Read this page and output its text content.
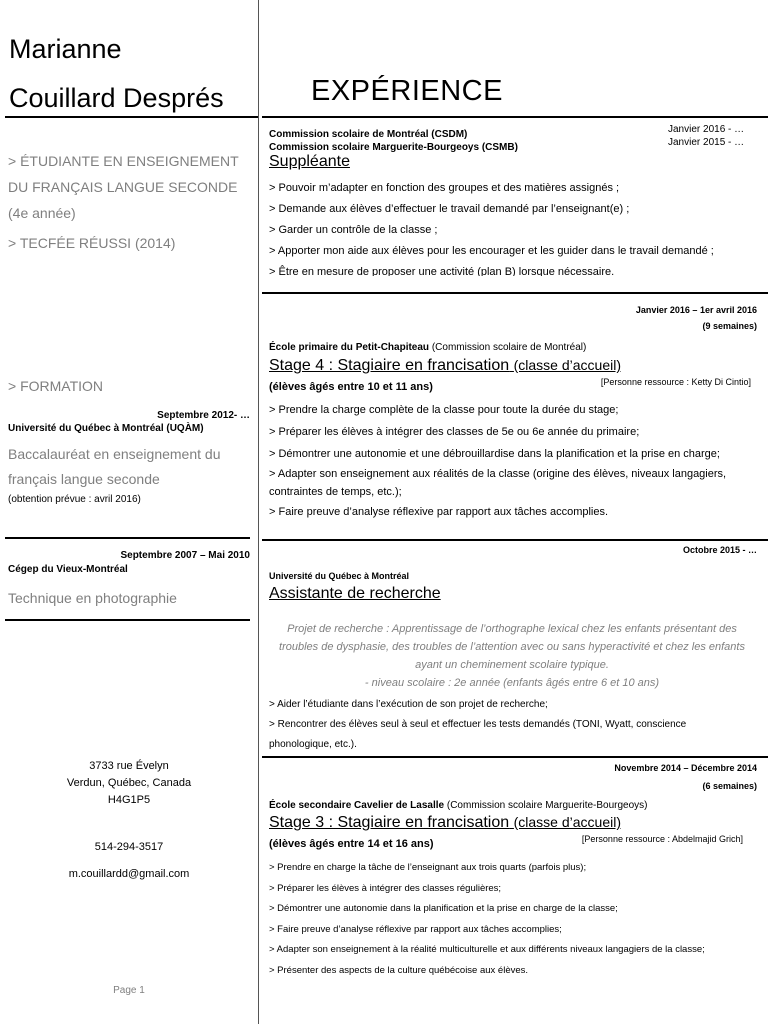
Marianne
Couillard Després
> ÉTUDIANTE EN ENSEIGNEMENT
DU FRANÇAIS LANGUE SECONDE
(4e année)
> TECFÉE RÉUSSI (2014)
> FORMATION
Septembre 2012- …
Université du Québec à Montréal (UQÀM)
Baccalauréat en enseignement du
français langue seconde
(obtention prévue : avril 2016)
Septembre 2007 – Mai 2010
Cégep du Vieux-Montréal
Technique en photographie
3733 rue Évelyn
Verdun, Québec, Canada
H4G1P5
514-294-3517
m.couillardd@gmail.com
Page 1
EXPÉRIENCE
Commission scolaire de Montréal (CSDM)	Janvier 2016 - …
Commission scolaire Marguerite-Bourgeoys (CSMB)	Janvier 2015 - …
Suppléante

> Pouvoir m’adapter en fonction des groupes et des matières assignés ;

> Demande aux élèves d’effectuer le travail demandé par l’enseignant(e) ;

> Garder un contrôle de la classe ;

> Apporter mon aide aux élèves pour les encourager et les guider dans le travail demandé ;

> Être en mesure de proposer une activité (plan B) lorsque nécessaire.

Janvier 2016 – 1er avril 2016
(9 semaines)
École primaire du Petit-Chapiteau (Commission scolaire de Montréal)
Stage 4 : Stagiaire en francisation (classe d’accueil)
(élèves âgés entre 10 et 11 ans)	[Personne ressource : Ketty Di Cintio]

> Prendre la charge complète de la classe pour toute la durée du stage;

> Préparer les élèves à intégrer des classes de 5e ou 6e année du primaire;

> Démontrer une autonomie et une débrouillardise dans la planification et la prise en charge;

> Adapter son enseignement aux réalités de la classe (origine des élèves, niveaux langagiers,

contraintes de temps, etc.);

> Faire preuve d’analyse réflexive par rapport aux tâches accomplies.

Octobre 2015 - …
Université du Québec à Montréal
Assistante de recherche
Projet de recherche : Apprentissage de l’orthographe lexical chez les enfants présentant des
troubles de dysphasie, des troubles de l’attention avec ou sans hyperactivité et chez les enfants
ayant un cheminement scolaire typique.
- niveau scolaire : 2e année (enfants âgés entre 6 et 10 ans)

> Aider l’étudiante dans l’exécution de son projet de recherche;

> Rencontrer des élèves seul à seul et effectuer les tests demandés (TONI, Wyatt, conscience

phonologique, etc.).

Novembre 2014 – Décembre 2014
(6 semaines)
École secondaire Cavelier de Lasalle (Commission scolaire Marguerite-Bourgeoys)
Stage 3 : Stagiaire en francisation (classe d’accueil)
(élèves âgés entre 14 et 16 ans)	[Personne ressource : Abdelmajid Grich]

> Prendre en charge la tâche de l’enseignant aux trois quarts (parfois plus);

> Préparer les élèves à intégrer des classes régulières;

> Démontrer une autonomie dans la planification et la prise en charge de la classe;

> Faire preuve d’analyse réflexive par rapport aux tâches accomplies;

> Adapter son enseignement à la réalité multiculturelle et aux différents niveaux langagiers de la classe;

> Présenter des aspects de la culture québécoise aux élèves.
